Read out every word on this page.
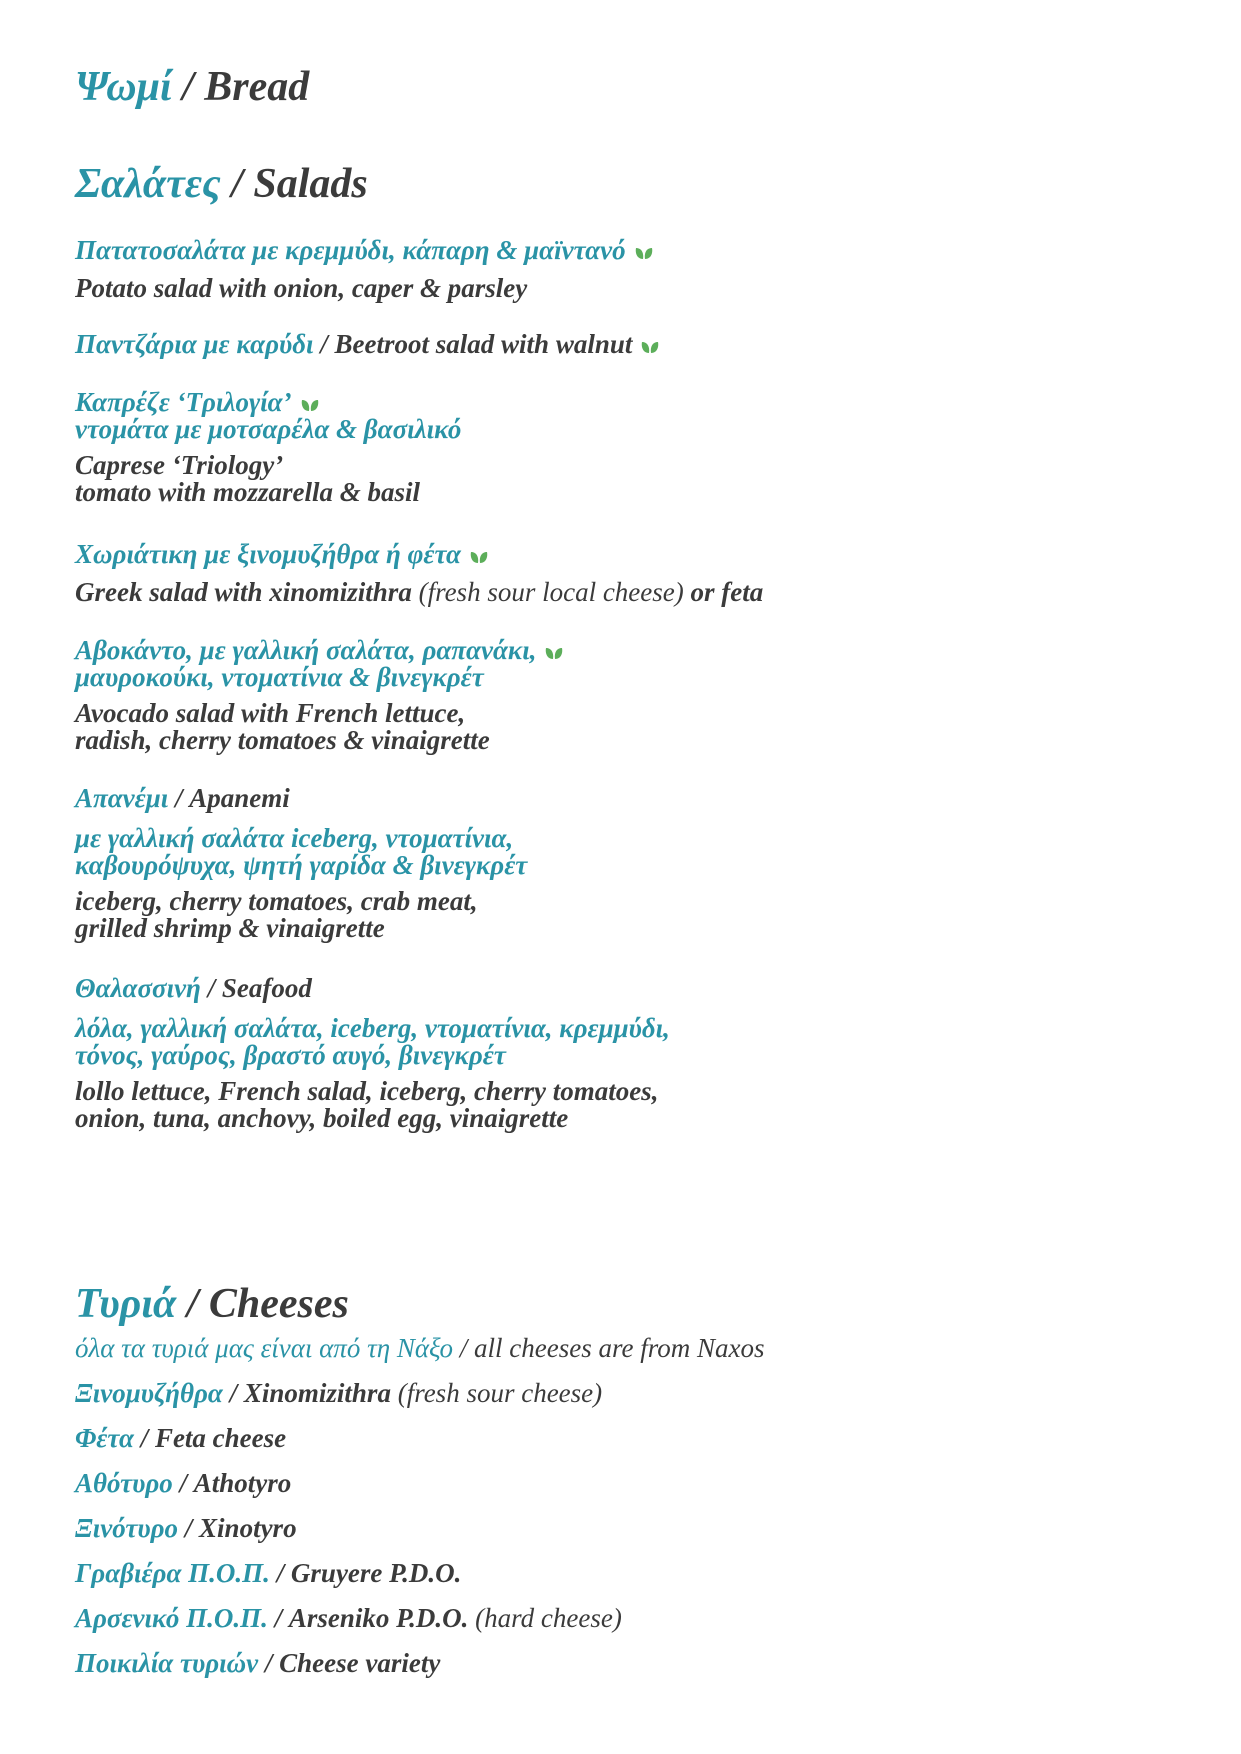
Ψωμί / Bread
Σαλάτες / Salads
Πατατοσαλάτα με κρεμμύδι, κάπαρη & μαϊντανό
Potato salad with onion, caper & parsley
Παντζάρια με καρύδι / Beetroot salad with walnut
Καπρέζε ‘Τριλογία’
ντομάτα με μοτσαρέλα & βασιλικό
Caprese ‘Triology’
tomato with mozzarella & basil
Χωριάτικη με ξινομυζήθρα ή φέτα
Greek salad with xinomizithra (fresh sour local cheese) or feta
Αβοκάντο, με γαλλική σαλάτα, ραπανάκι,
μαυροκούκι, ντοματίνια & βινεγκρέτ
Avocado salad with French lettuce,
radish, cherry tomatoes & vinaigrette
Απανέμι / Apanemi
με γαλλική σαλάτα iceberg, ντοματίνια,
καβουρόψυχα, ψητή γαρίδα & βινεγκρέτ
iceberg, cherry tomatoes, crab meat,
grilled shrimp & vinaigrette
Θαλασσινή / Seafood
λόλα, γαλλική σαλάτα, iceberg, ντοματίνια, κρεμμύδι,
τόνος, γαύρος, βραστό αυγό, βινεγκρέτ
lollo lettuce, French salad, iceberg, cherry tomatoes,
onion, tuna, anchovy, boiled egg, vinaigrette
Τυριά / Cheeses
όλα τα τυριά μας είναι από τη Νάξο / all cheeses are from Naxos
Ξινομυζήθρα / Xinomizithra (fresh sour cheese)
Φέτα / Feta cheese
Αθότυρο / Athotyro
Ξινότυρο / Xinotyro
Γραβιέρα Π.Ο.Π. / Gruyere P.D.O.
Αρσενικό Π.Ο.Π. / Arseniko P.D.O. (hard cheese)
Ποικιλία τυριών / Cheese variety
